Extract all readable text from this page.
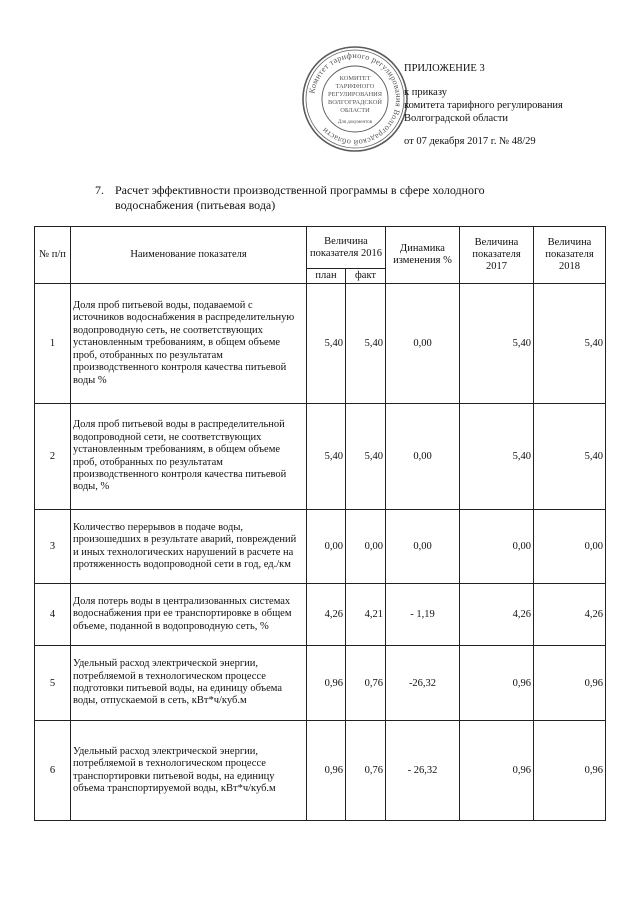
Комитет тарифного регулирования Волгоградской области
КОМИТЕТ
ТАРИФНОГО
РЕГУЛИРОВАНИЯ
ВОЛГОГРАДСКОЙ
ОБЛАСТИ
Для документов
ПРИЛОЖЕНИЕ 3
к приказу
комитета тарифного регулирования
Волгоградской области
от 07 декабря 2017 г. № 48/29
7. Расчет эффективности производственной программы в сфере холодного
водоснабжения (питьевая вода)
№ п/п	Наименование показателя	Величина показателя 2016		Динамика изменения %	Величина показателя 2017	Величина показателя 2018
		план	факт			
1	Доля проб питьевой воды, подаваемой с источников водоснабжения в распределительную водопроводную сеть, не соответствующих установленным требованиям, в общем объеме проб, отобранных по результатам производственного контроля качества питьевой воды %	5,40	5,40	0,00	5,40	5,40
2	Доля проб питьевой воды в распределительной водопроводной сети, не соответствующих установленным требованиям, в общем объеме проб, отобранных по результатам производственного контроля качества питьевой воды, %	5,40	5,40	0,00	5,40	5,40
3	Количество перерывов в подаче воды, произошедших в результате аварий, повреждений и иных технологических нарушений в расчете на протяженность водопроводной сети в год, ед./км	0,00	0,00	0,00	0,00	0,00
4	Доля потерь воды в централизованных системах водоснабжения при ее транспортировке в общем объеме, поданной в водопроводную сеть, %	4,26	4,21	- 1,19	4,26	4,26
5	Удельный расход электрической энергии, потребляемой в технологическом процессе подготовки питьевой воды, на единицу объема воды, отпускаемой в сеть, кВт*ч/куб.м	0,96	0,76	-26,32	0,96	0,96
6	Удельный расход электрической энергии, потребляемой в технологическом процессе транспортировки питьевой воды, на единицу объема транспортируемой воды, кВт*ч/куб.м	0,96	0,76	- 26,32	0,96	0,96
